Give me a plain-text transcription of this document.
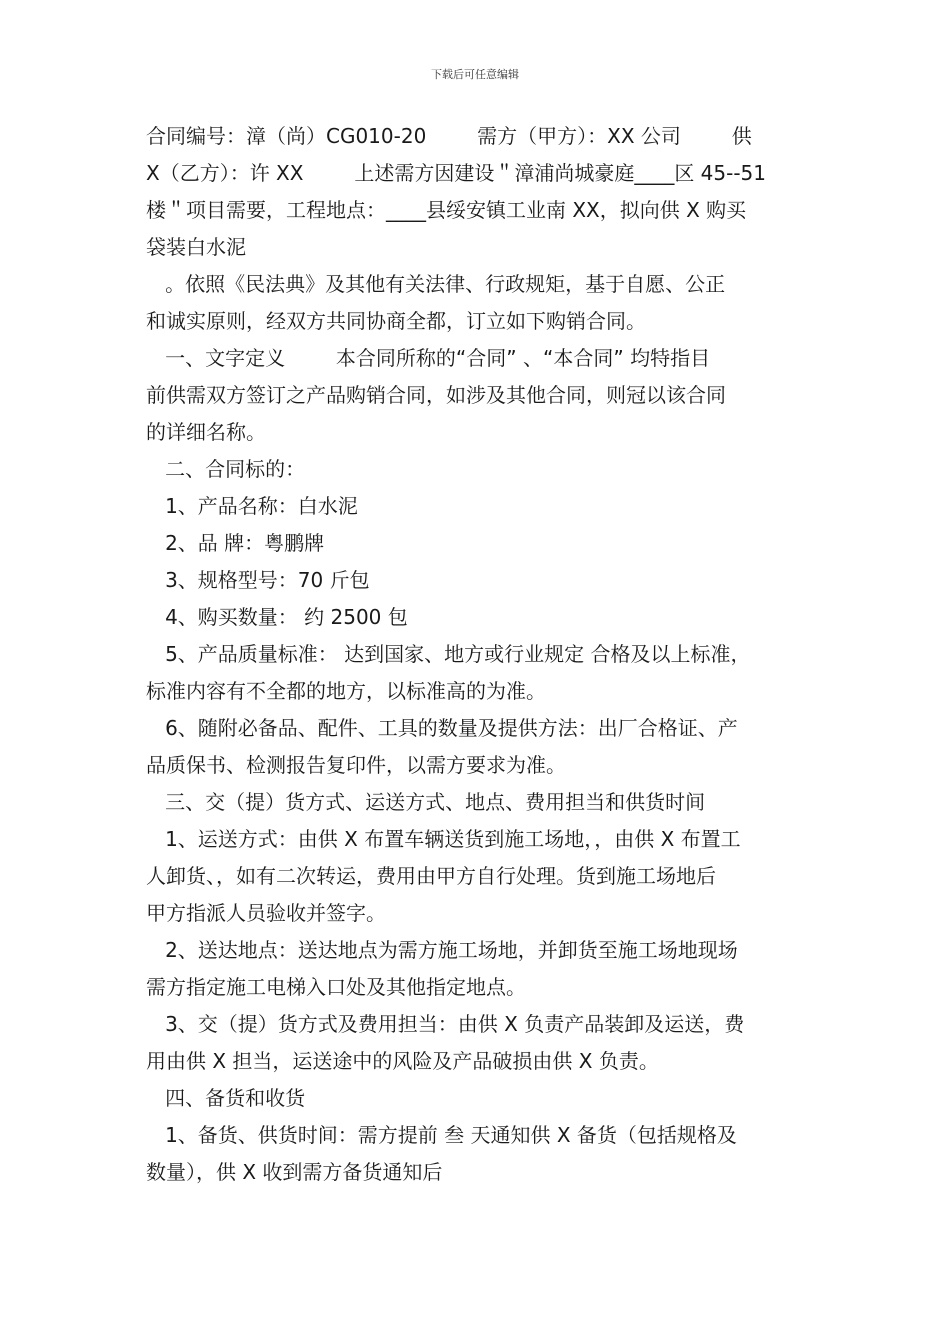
下载后可任意编辑
合同编号：漳（尚）CG010-20        需方（甲方）：XX 公司        供
X（乙方）：许 XX        上述需方因建设＂漳浦尚城豪庭____区 45--51
楼＂项目需要，工程地点：____县绥安镇工业南 XX，拟向供 X 购买
袋装白水泥
。依照《民法典》及其他有关法律、行政规矩，基于自愿、公正
和诚实原则，经双方共同协商全都，订立如下购销合同。
一、文字定义        本合同所称的“合同” 、“本合同” 均特指目
前供需双方签订之产品购销合同，如涉及其他合同，则冠以该合同
的详细名称。
二、合同标的：
1、产品名称：白水泥
2、品 牌：粤鹏牌
3、规格型号：70 斤包
4、购买数量： 约 2500 包
5、产品质量标准： 达到国家、地方或行业规定 合格及以上标准，
标准内容有不全都的地方，以标准高的为准。
6、随附必备品、配件、工具的数量及提供方法：出厂合格证、产
品质保书、检测报告复印件，以需方要求为准。
三、交（提）货方式、运送方式、地点、费用担当和供货时间
1、运送方式：由供 X 布置车辆送货到施工场地，，由供 X 布置工
人卸货、，如有二次转运，费用由甲方自行处理。货到施工场地后
甲方指派人员验收并签字。
2、送达地点：送达地点为需方施工场地，并卸货至施工场地现场
需方指定施工电梯入口处及其他指定地点。
3、交（提）货方式及费用担当：由供 X 负责产品装卸及运送，费
用由供 X 担当，运送途中的风险及产品破损由供 X 负责。
四、备货和收货
1、备货、供货时间：需方提前 叁 天通知供 X 备货（包括规格及
数量），供 X 收到需方备货通知后
